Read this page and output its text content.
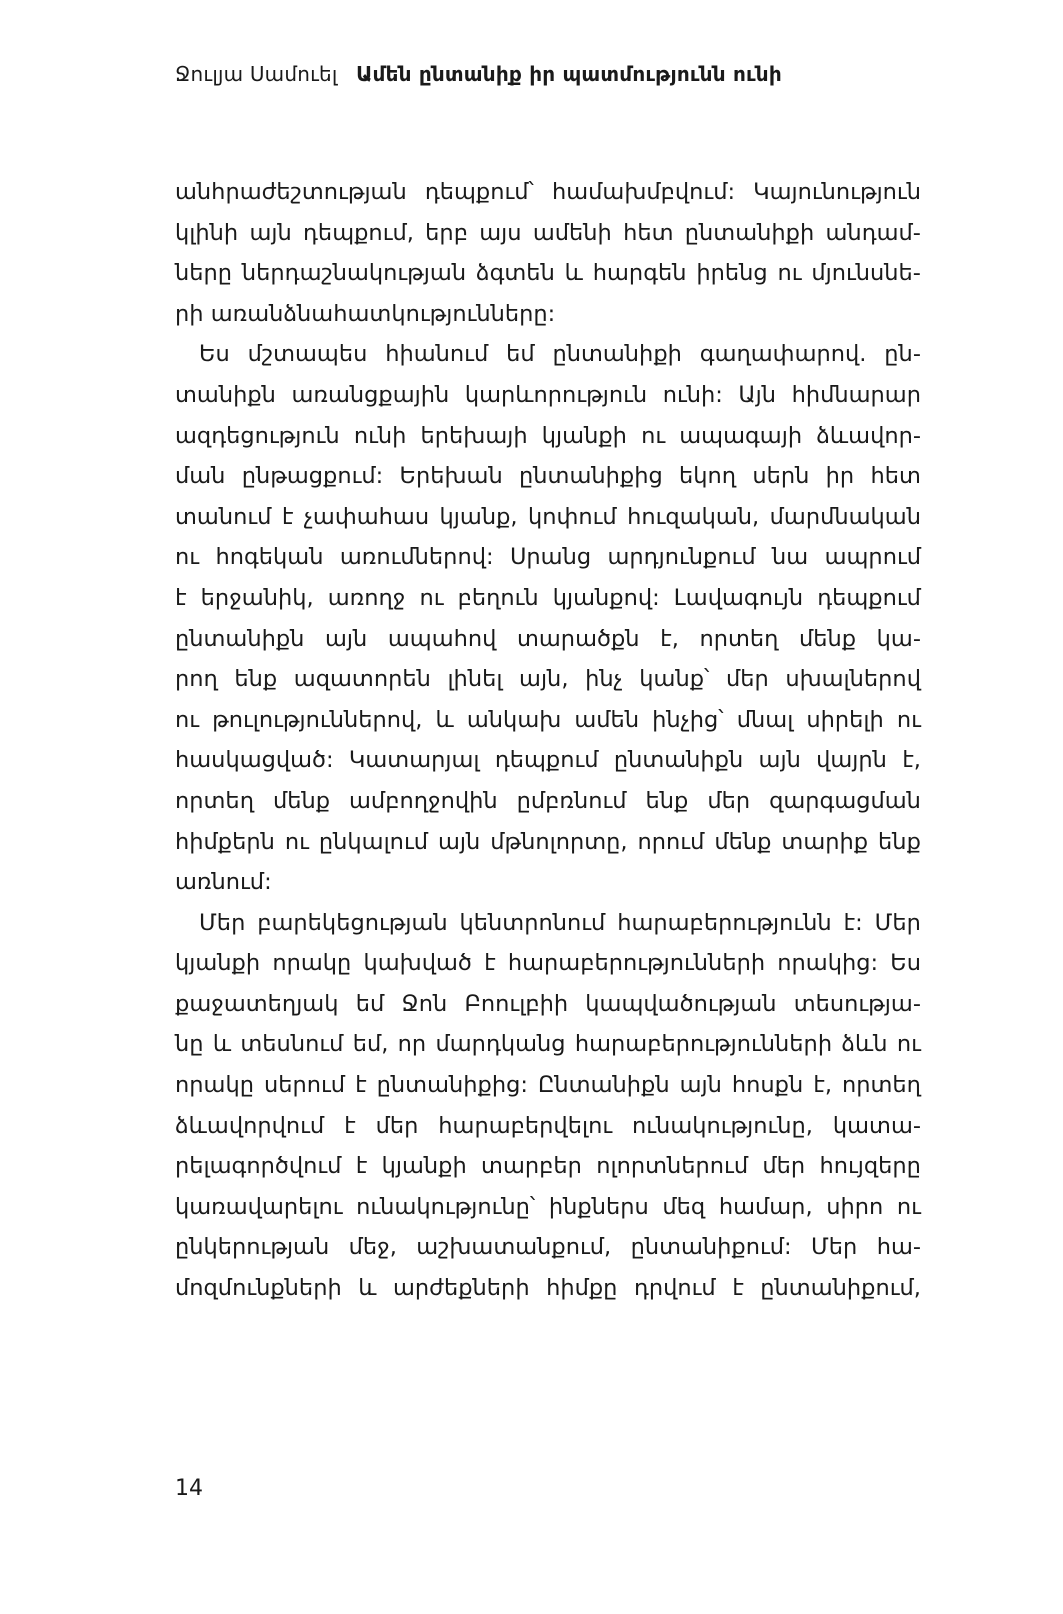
Ջուլյա Սամուել Ամեն ընտանիք իր պատմությունն ունի
անհրաժեշտության դեպքում՝ համախմբվում: Կայունություն
կլինի այն դեպքում, երբ այս ամենի հետ ընտանիքի անդամ-
ները ներդաշնակության ձգտեն և հարգեն իրենց ու մյունսնե-
րի առանձնահատկությունները:
Ես մշտապես հիանում եմ ընտանիքի գաղափարով. ըն-
տանիքն առանցքային կարևորություն ունի: Այն հիմնարար
ազդեցություն ունի երեխայի կյանքի ու ապագայի ձևավոր-
ման ընթացքում: Երեխան ընտանիքից եկող սերն իր հետ
տանում է չափահաս կյանք, կոփում հուզական, մարմնական
ու հոգեկան առումներով: Սրանց արդյունքում նա ապրում
է երջանիկ, առողջ ու բեղուն կյանքով: Լավագույն դեպքում
ընտանիքն այն ապահով տարածքն է, որտեղ մենք կա-
րող ենք ազատորեն լինել այն, ինչ կանք՝ մեր սխալներով
ու թուլություններով, և անկախ ամեն ինչից՝ մնալ սիրելի ու
հասկացված: Կատարյալ դեպքում ընտանիքն այն վայրն է,
որտեղ մենք ամբողջովին ըմբռնում ենք մեր զարգացման
հիմքերն ու ընկալում այն մթնոլորտը, որում մենք տարիք ենք
առնում:
Մեր բարեկեցության կենտրոնում հարաբերությունն է: Մեր
կյանքի որակը կախված է հարաբերությունների որակից: Ես
քաջատեղյակ եմ Ջոն Բոուլբիի կապվածության տեսությա-
նը և տեսնում եմ, որ մարդկանց հարաբերությունների ձևն ու
որակը սերում է ընտանիքից: Ընտանիքն այն հոսքն է, որտեղ
ձևավորվում է մեր հարաբերվելու ունակությունը, կատա-
րելագործվում է կյանքի տարբեր ոլորտներում մեր հույզերը
կառավարելու ունակությունը՝ ինքներս մեզ համար, սիրո ու
ընկերության մեջ, աշխատանքում, ընտանիքում: Մեր հա-
մոզմունքների և արժեքների հիմքը դրվում է ընտանիքում,
14
